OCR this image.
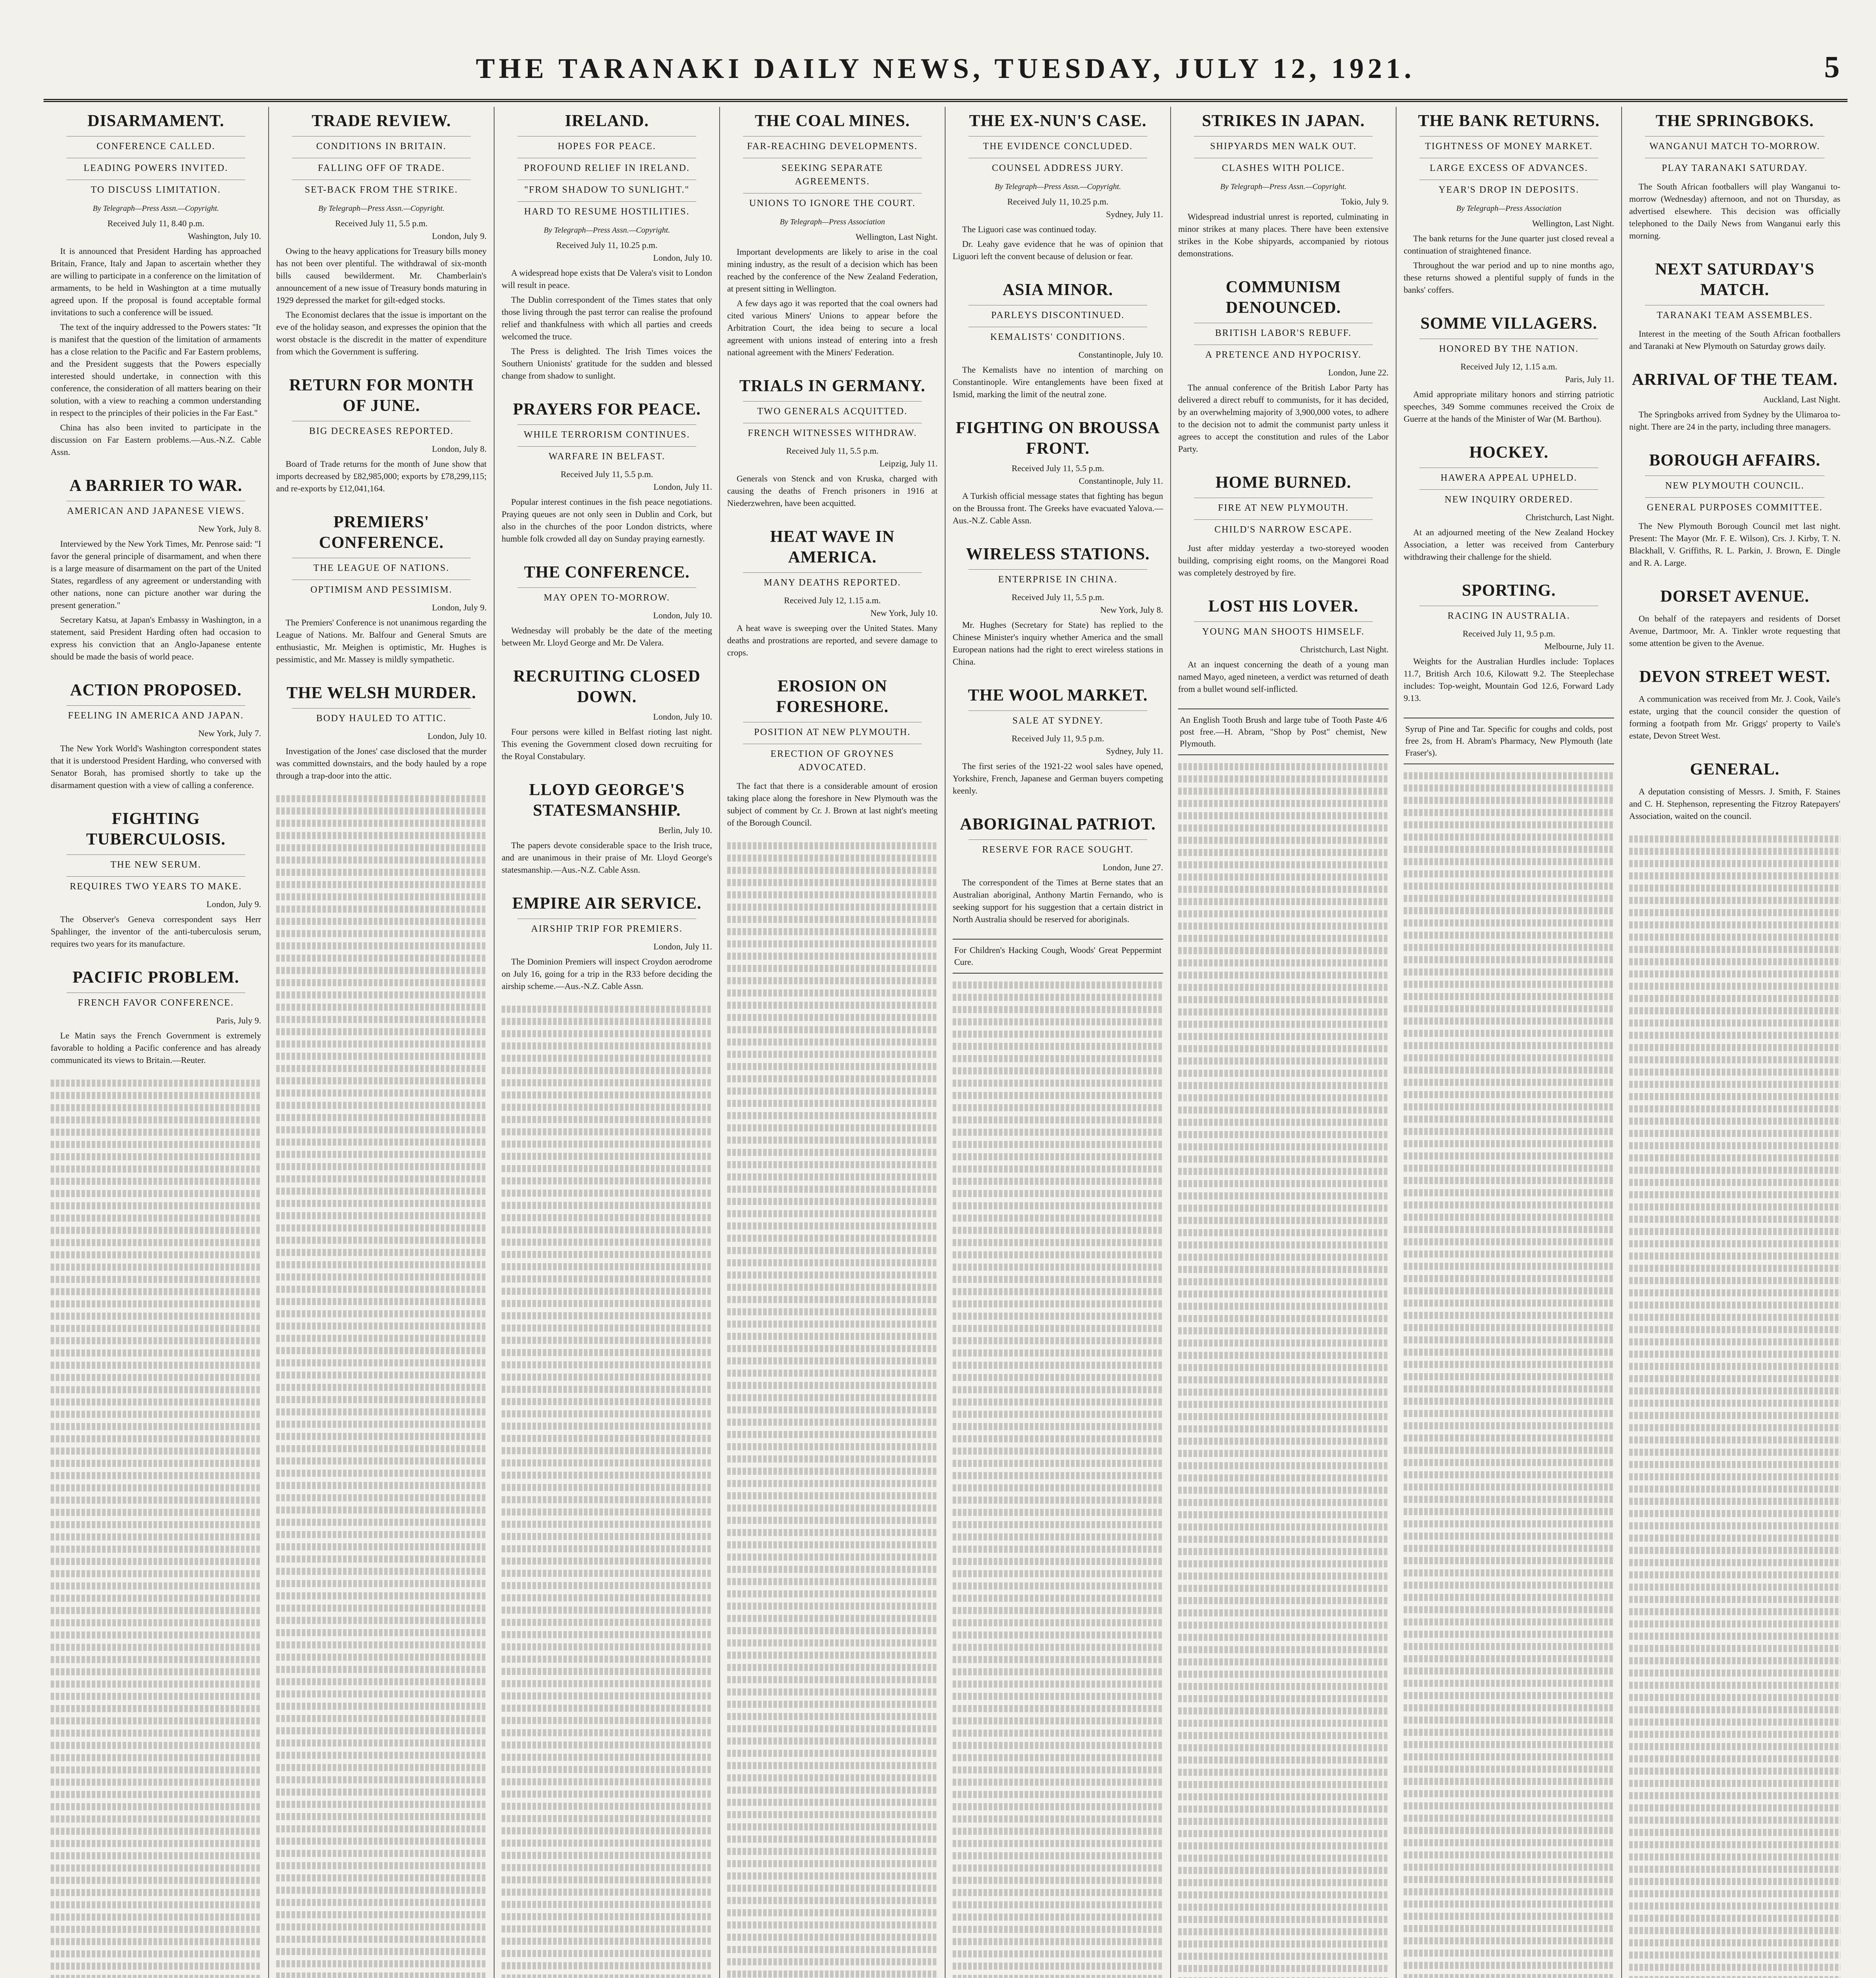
THE TARANAKI DAILY NEWS, TUESDAY, JULY 12, 1921.	5
DISARMAMENT.
CONFERENCE CALLED.
LEADING POWERS INVITED.
TO DISCUSS LIMITATION.
By Telegraph—Press Assn.—Copyright.
Received July 11, 8.40 p.m.
Washington, July 10.
It is announced that President Harding has approached Britain, France, Italy and Japan to ascertain whether they are willing to participate in a conference on the limitation of armaments, to be held in Washington at a time mutually agreed upon. If the proposal is found acceptable formal invitations to such a conference will be issued.
The text of the inquiry addressed to the Powers states: "It is manifest that the question of the limitation of armaments has a close relation to the Pacific and Far Eastern problems, and the President suggests that the Powers especially interested should undertake, in connection with this conference, the consideration of all matters bearing on their solution, with a view to reaching a common understanding in respect to the principles of their policies in the Far East."
China has also been invited to participate in the discussion on Far Eastern problems.—Aus.-N.Z. Cable Assn.
A BARRIER TO WAR.
AMERICAN AND JAPANESE VIEWS.
New York, July 8.
Interviewed by the New York Times, Mr. Penrose said: "I favor the general principle of disarmament, and when there is a large measure of disarmament on the part of the United States, regardless of any agreement or understanding with other nations, none can picture another war during the present generation."
Secretary Katsu, at Japan's Embassy in Washington, in a statement, said President Harding often had occasion to express his conviction that an Anglo-Japanese entente should be made the basis of world peace.
ACTION PROPOSED.
FEELING IN AMERICA AND JAPAN.
New York, July 7.
The New York World's Washington correspondent states that it is understood President Harding, who conversed with Senator Borah, has promised shortly to take up the disarmament question with a view of calling a conference.
FIGHTING TUBERCULOSIS.
THE NEW SERUM.
REQUIRES TWO YEARS TO MAKE.
London, July 9.
The Observer's Geneva correspondent says Herr Spahlinger, the inventor of the anti-tuberculosis serum, requires two years for its manufacture.
PACIFIC PROBLEM.
FRENCH FAVOR CONFERENCE.
Paris, July 9.
Le Matin says the French Government is extremely favorable to holding a Pacific conference and has already communicated its views to Britain.—Reuter.
TRADE REVIEW.
CONDITIONS IN BRITAIN.
FALLING OFF OF TRADE.
SET-BACK FROM THE STRIKE.
By Telegraph—Press Assn.—Copyright.
Received July 11, 5.5 p.m.
London, July 9.
Owing to the heavy applications for Treasury bills money has not been over plentiful. The withdrawal of six-month bills caused bewilderment. Mr. Chamberlain's announcement of a new issue of Treasury bonds maturing in 1929 depressed the market for gilt-edged stocks.
The Economist declares that the issue is important on the eve of the holiday season, and expresses the opinion that the worst obstacle is the discredit in the matter of expenditure from which the Government is suffering.
RETURN FOR MONTH OF JUNE.
BIG DECREASES REPORTED.
London, July 8.
Board of Trade returns for the month of June show that imports decreased by £82,985,000; exports by £78,299,115; and re-exports by £12,041,164.
PREMIERS' CONFERENCE.
THE LEAGUE OF NATIONS.
OPTIMISM AND PESSIMISM.
London, July 9.
The Premiers' Conference is not unanimous regarding the League of Nations. Mr. Balfour and General Smuts are enthusiastic, Mr. Meighen is optimistic, Mr. Hughes is pessimistic, and Mr. Massey is mildly sympathetic.
THE WELSH MURDER.
BODY HAULED TO ATTIC.
London, July 10.
Investigation of the Jones' case disclosed that the murder was committed downstairs, and the body hauled by a rope through a trap-door into the attic.
IRELAND.
HOPES FOR PEACE.
PROFOUND RELIEF IN IRELAND.
"FROM SHADOW TO SUNLIGHT."
HARD TO RESUME HOSTILITIES.
By Telegraph—Press Assn.—Copyright.
Received July 11, 10.25 p.m.
London, July 10.
A widespread hope exists that De Valera's visit to London will result in peace.
The Dublin correspondent of the Times states that only those living through the past terror can realise the profound relief and thankfulness with which all parties and creeds welcomed the truce.
The Press is delighted. The Irish Times voices the Southern Unionists' gratitude for the sudden and blessed change from shadow to sunlight.
PRAYERS FOR PEACE.
WHILE TERRORISM CONTINUES.
WARFARE IN BELFAST.
Received July 11, 5.5 p.m.
London, July 11.
Popular interest continues in the fish peace negotiations. Praying queues are not only seen in Dublin and Cork, but also in the churches of the poor London districts, where humble folk crowded all day on Sunday praying earnestly.
THE CONFERENCE.
MAY OPEN TO-MORROW.
London, July 10.
Wednesday will probably be the date of the meeting between Mr. Lloyd George and Mr. De Valera.
RECRUITING CLOSED DOWN.
London, July 10.
Four persons were killed in Belfast rioting last night. This evening the Government closed down recruiting for the Royal Constabulary.
LLOYD GEORGE'S STATESMANSHIP.
Berlin, July 10.
The papers devote considerable space to the Irish truce, and are unanimous in their praise of Mr. Lloyd George's statesmanship.—Aus.-N.Z. Cable Assn.
EMPIRE AIR SERVICE.
AIRSHIP TRIP FOR PREMIERS.
London, July 11.
The Dominion Premiers will inspect Croydon aerodrome on July 16, going for a trip in the R33 before deciding the airship scheme.—Aus.-N.Z. Cable Assn.
THE COAL MINES.
FAR-REACHING DEVELOPMENTS.
SEEKING SEPARATE AGREEMENTS.
UNIONS TO IGNORE THE COURT.
By Telegraph—Press Association
Wellington, Last Night.
Important developments are likely to arise in the coal mining industry, as the result of a decision which has been reached by the conference of the New Zealand Federation, at present sitting in Wellington.
A few days ago it was reported that the coal owners had cited various Miners' Unions to appear before the Arbitration Court, the idea being to secure a local agreement with unions instead of entering into a fresh national agreement with the Miners' Federation.
TRIALS IN GERMANY.
TWO GENERALS ACQUITTED.
FRENCH WITNESSES WITHDRAW.
Received July 11, 5.5 p.m.
Leipzig, July 11.
Generals von Stenck and von Kruska, charged with causing the deaths of French prisoners in 1916 at Niederzwehren, have been acquitted.
HEAT WAVE IN AMERICA.
MANY DEATHS REPORTED.
Received July 12, 1.15 a.m.
New York, July 10.
A heat wave is sweeping over the United States. Many deaths and prostrations are reported, and severe damage to crops.
EROSION ON FORESHORE.
POSITION AT NEW PLYMOUTH.
ERECTION OF GROYNES ADVOCATED.
The fact that there is a considerable amount of erosion taking place along the foreshore in New Plymouth was the subject of comment by Cr. J. Brown at last night's meeting of the Borough Council.
THE EX-NUN'S CASE.
THE EVIDENCE CONCLUDED.
COUNSEL ADDRESS JURY.
By Telegraph—Press Assn.—Copyright.
Received July 11, 10.25 p.m.
Sydney, July 11.
The Liguori case was continued today.
Dr. Leahy gave evidence that he was of opinion that Liguori left the convent because of delusion or fear.
ASIA MINOR.
PARLEYS DISCONTINUED.
KEMALISTS' CONDITIONS.
Constantinople, July 10.
The Kemalists have no intention of marching on Constantinople. Wire entanglements have been fixed at Ismid, marking the limit of the neutral zone.
FIGHTING ON BROUSSA FRONT.
Received July 11, 5.5 p.m.
Constantinople, July 11.
A Turkish official message states that fighting has begun on the Broussa front. The Greeks have evacuated Yalova.—Aus.-N.Z. Cable Assn.
WIRELESS STATIONS.
ENTERPRISE IN CHINA.
Received July 11, 5.5 p.m.
New York, July 8.
Mr. Hughes (Secretary for State) has replied to the Chinese Minister's inquiry whether America and the small European nations had the right to erect wireless stations in China.
THE WOOL MARKET.
SALE AT SYDNEY.
Received July 11, 9.5 p.m.
Sydney, July 11.
The first series of the 1921-22 wool sales have opened, Yorkshire, French, Japanese and German buyers competing keenly.
ABORIGINAL PATRIOT.
RESERVE FOR RACE SOUGHT.
London, June 27.
The correspondent of the Times at Berne states that an Australian aboriginal, Anthony Martin Fernando, who is seeking support for his suggestion that a certain district in North Australia should be reserved for aboriginals.
For Children's Hacking Cough, Woods' Great Peppermint Cure.
STRIKES IN JAPAN.
SHIPYARDS MEN WALK OUT.
CLASHES WITH POLICE.
By Telegraph—Press Assn.—Copyright.
Tokio, July 9.
Widespread industrial unrest is reported, culminating in minor strikes at many places. There have been extensive strikes in the Kobe shipyards, accompanied by riotous demonstrations.
COMMUNISM DENOUNCED.
BRITISH LABOR'S REBUFF.
A PRETENCE AND HYPOCRISY.
London, June 22.
The annual conference of the British Labor Party has delivered a direct rebuff to communists, for it has decided, by an overwhelming majority of 3,900,000 votes, to adhere to the decision not to admit the communist party unless it agrees to accept the constitution and rules of the Labor Party.
HOME BURNED.
FIRE AT NEW PLYMOUTH.
CHILD'S NARROW ESCAPE.
Just after midday yesterday a two-storeyed wooden building, comprising eight rooms, on the Mangorei Road was completely destroyed by fire.
LOST HIS LOVER.
YOUNG MAN SHOOTS HIMSELF.
Christchurch, Last Night.
At an inquest concerning the death of a young man named Mayo, aged nineteen, a verdict was returned of death from a bullet wound self-inflicted.
An English Tooth Brush and large tube of Tooth Paste 4/6 post free.—H. Abram, "Shop by Post" chemist, New Plymouth.
THE BANK RETURNS.
TIGHTNESS OF MONEY MARKET.
LARGE EXCESS OF ADVANCES.
YEAR'S DROP IN DEPOSITS.
By Telegraph—Press Association
Wellington, Last Night.
The bank returns for the June quarter just closed reveal a continuation of straightened finance.
Throughout the war period and up to nine months ago, these returns showed a plentiful supply of funds in the banks' coffers.
SOMME VILLAGERS.
HONORED BY THE NATION.
Received July 12, 1.15 a.m.
Paris, July 11.
Amid appropriate military honors and stirring patriotic speeches, 349 Somme communes received the Croix de Guerre at the hands of the Minister of War (M. Barthou).
HOCKEY.
HAWERA APPEAL UPHELD.
NEW INQUIRY ORDERED.
Christchurch, Last Night.
At an adjourned meeting of the New Zealand Hockey Association, a letter was received from Canterbury withdrawing their challenge for the shield.
SPORTING.
RACING IN AUSTRALIA.
Received July 11, 9.5 p.m.
Melbourne, July 11.
Weights for the Australian Hurdles include: Toplaces 11.7, British Arch 10.6, Kilowatt 9.2. The Steeplechase includes: Top-weight, Mountain God 12.6, Forward Lady 9.13.
Syrup of Pine and Tar. Specific for coughs and colds, post free 2s, from H. Abram's Pharmacy, New Plymouth (late Fraser's).
THE SPRINGBOKS.
WANGANUI MATCH TO-MORROW.
PLAY TARANAKI SATURDAY.
The South African footballers will play Wanganui to-morrow (Wednesday) afternoon, and not on Thursday, as advertised elsewhere. This decision was officially telephoned to the Daily News from Wanganui early this morning.
NEXT SATURDAY'S MATCH.
TARANAKI TEAM ASSEMBLES.
Interest in the meeting of the South African footballers and Taranaki at New Plymouth on Saturday grows daily.
ARRIVAL OF THE TEAM.
Auckland, Last Night.
The Springboks arrived from Sydney by the Ulimaroa to-night. There are 24 in the party, including three managers.
BOROUGH AFFAIRS.
NEW PLYMOUTH COUNCIL.
GENERAL PURPOSES COMMITTEE.
The New Plymouth Borough Council met last night. Present: The Mayor (Mr. F. E. Wilson), Crs. J. Kirby, T. N. Blackhall, V. Griffiths, R. L. Parkin, J. Brown, E. Dingle and R. A. Large.
DORSET AVENUE.
On behalf of the ratepayers and residents of Dorset Avenue, Dartmoor, Mr. A. Tinkler wrote requesting that some attention be given to the Avenue.
DEVON STREET WEST.
A communication was received from Mr. J. Cook, Vaile's estate, urging that the council consider the question of forming a footpath from Mr. Griggs' property to Vaile's estate, Devon Street West.
GENERAL.
A deputation consisting of Messrs. J. Smith, F. Staines and C. H. Stephenson, representing the Fitzroy Ratepayers' Association, waited on the council.
